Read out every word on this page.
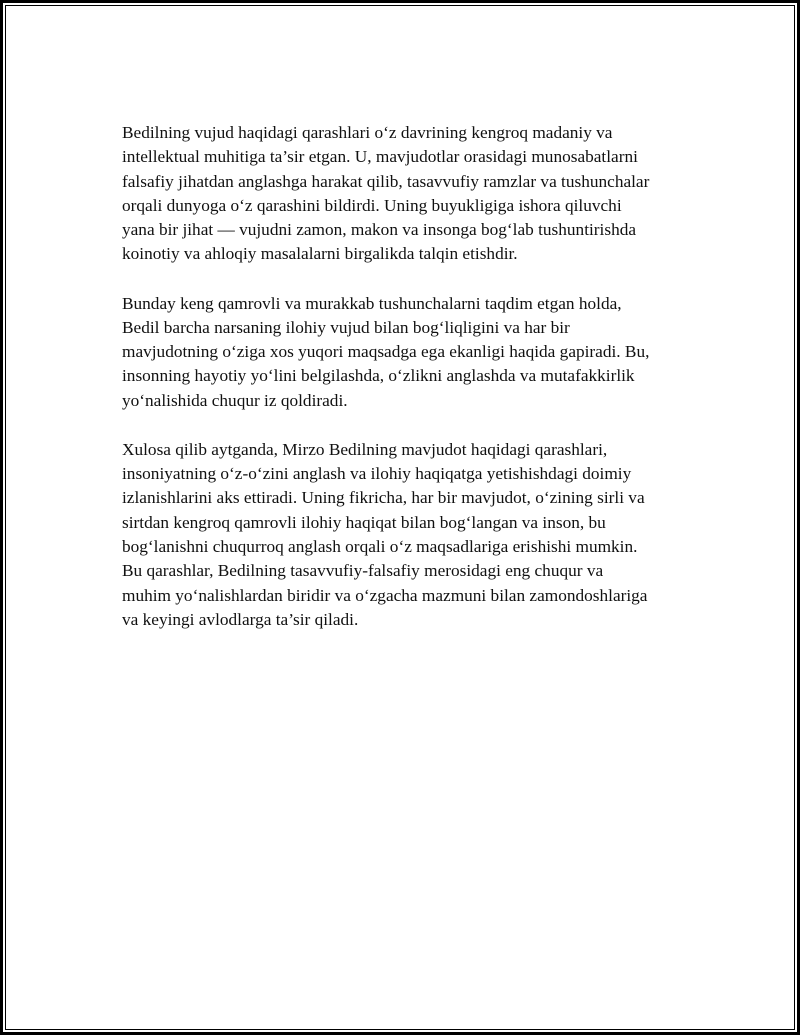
Bedilning vujud haqidagi qarashlari o‘z davrining kengroq madaniy va
intellektual muhitiga ta’sir etgan. U, mavjudotlar orasidagi munosabatlarni
falsafiy jihatdan anglashga harakat qilib, tasavvufiy ramzlar va tushunchalar
orqali dunyoga o‘z qarashini bildirdi. Uning buyukligiga ishora qiluvchi
yana bir jihat — vujudni zamon, makon va insonga bog‘lab tushuntirishda
koinotiy va ahloqiy masalalarni birgalikda talqin etishdir.

Bunday keng qamrovli va murakkab tushunchalarni taqdim etgan holda,
Bedil barcha narsaning ilohiy vujud bilan bog‘liqligini va har bir
mavjudotning o‘ziga xos yuqori maqsadga ega ekanligi haqida gapiradi. Bu,
insonning hayotiy yo‘lini belgilashda, o‘zlikni anglashda va mutafakkirlik
yo‘nalishida chuqur iz qoldiradi.

Xulosa qilib aytganda, Mirzo Bedilning mavjudot haqidagi qarashlari,
insoniyatning o‘z-o‘zini anglash va ilohiy haqiqatga yetishishdagi doimiy
izlanishlarini aks ettiradi. Uning fikricha, har bir mavjudot, o‘zining sirli va
sirtdan kengroq qamrovli ilohiy haqiqat bilan bog‘langan va inson, bu
bog‘lanishni chuqurroq anglash orqali o‘z maqsadlariga erishishi mumkin.
Bu qarashlar, Bedilning tasavvufiy-falsafiy merosidagi eng chuqur va
muhim yo‘nalishlardan biridir va o‘zgacha mazmuni bilan zamondoshlariga
va keyingi avlodlarga ta’sir qiladi.
